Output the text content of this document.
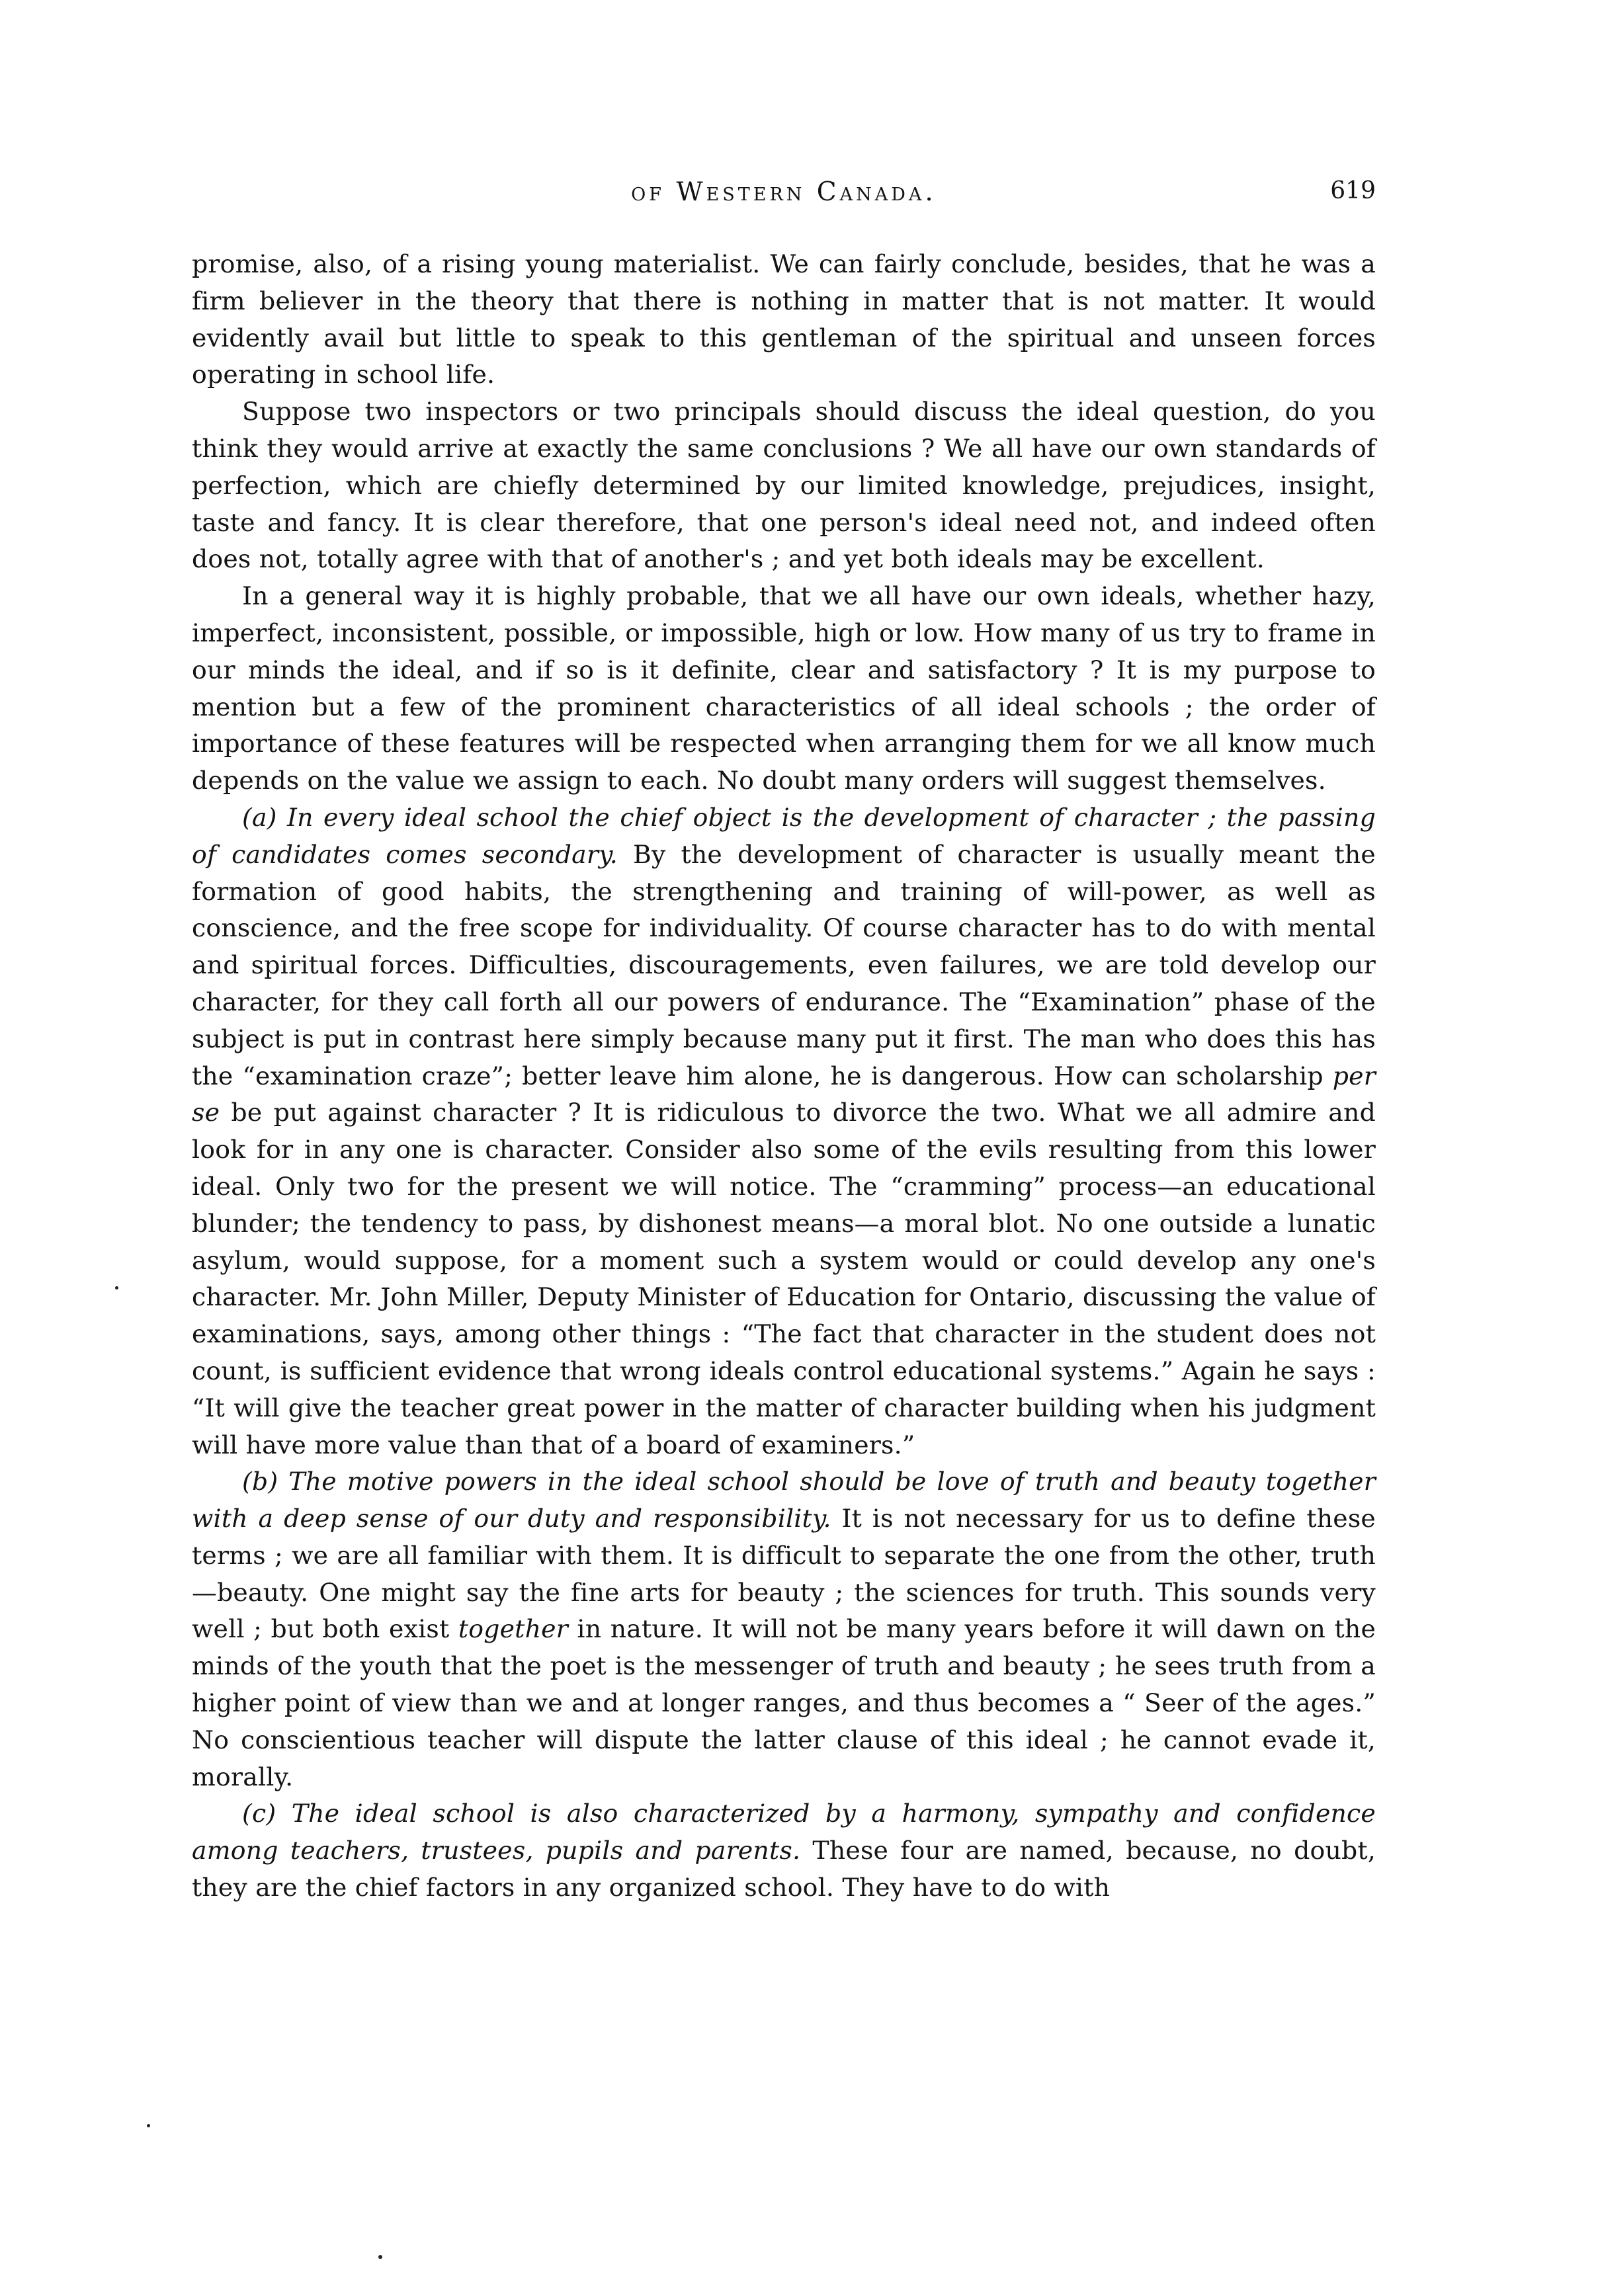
of Western Canada.	619

promise, also, of a rising young materialist. We can fairly conclude, besides, that he was a firm believer in the theory that there is nothing in matter that is not matter. It would evidently avail but little to speak to this gentleman of the spiritual and unseen forces operating in school life.

Suppose two inspectors or two principals should discuss the ideal question, do you think they would arrive at exactly the same conclusions ? We all have our own standards of perfection, which are chiefly determined by our limited knowledge, prejudices, insight, taste and fancy. It is clear therefore, that one person's ideal need not, and indeed often does not, totally agree with that of another's ; and yet both ideals may be excellent.

In a general way it is highly probable, that we all have our own ideals, whether hazy, imperfect, inconsistent, possible, or impossible, high or low. How many of us try to frame in our minds the ideal, and if so is it definite, clear and satisfactory ? It is my purpose to mention but a few of the prominent characteristics of all ideal schools ; the order of importance of these features will be respected when arranging them for we all know much depends on the value we assign to each. No doubt many orders will suggest themselves.

(a) In every ideal school the chief object is the development of character ; the passing of candidates comes secondary. By the development of character is usually meant the formation of good habits, the strengthening and training of will-power, as well as conscience, and the free scope for individuality. Of course character has to do with mental and spiritual forces. Difficulties, discouragements, even failures, we are told develop our character, for they call forth all our powers of endurance. The “Examination” phase of the subject is put in contrast here simply because many put it first. The man who does this has the “examination craze”; better leave him alone, he is dangerous. How can scholarship per se be put against character ? It is ridiculous to divorce the two. What we all admire and look for in any one is character. Consider also some of the evils resulting from this lower ideal. Only two for the present we will notice. The “cramming” process—an educational blunder; the tendency to pass, by dishonest means—a moral blot. No one outside a lunatic asylum, would suppose, for a moment such a system would or could develop any one's character. Mr. John Miller, Deputy Minister of Education for Ontario, discussing the value of examinations, says, among other things : “The fact that character in the student does not count, is sufficient evidence that wrong ideals control educational systems.” Again he says : “It will give the teacher great power in the matter of character building when his judgment will have more value than that of a board of examiners.”

(b) The motive powers in the ideal school should be love of truth and beauty together with a deep sense of our duty and responsibility. It is not necessary for us to define these terms ; we are all familiar with them. It is difficult to separate the one from the other, truth—beauty. One might say the fine arts for beauty ; the sciences for truth. This sounds very well ; but both exist together in nature. It will not be many years before it will dawn on the minds of the youth that the poet is the messenger of truth and beauty ; he sees truth from a higher point of view than we and at longer ranges, and thus becomes a “ Seer of the ages.” No conscientious teacher will dispute the latter clause of this ideal ; he cannot evade it, morally.

(c) The ideal school is also characterized by a harmony, sympathy and confidence among teachers, trustees, pupils and parents. These four are named, because, no doubt, they are the chief factors in any organized school. They have to do with
